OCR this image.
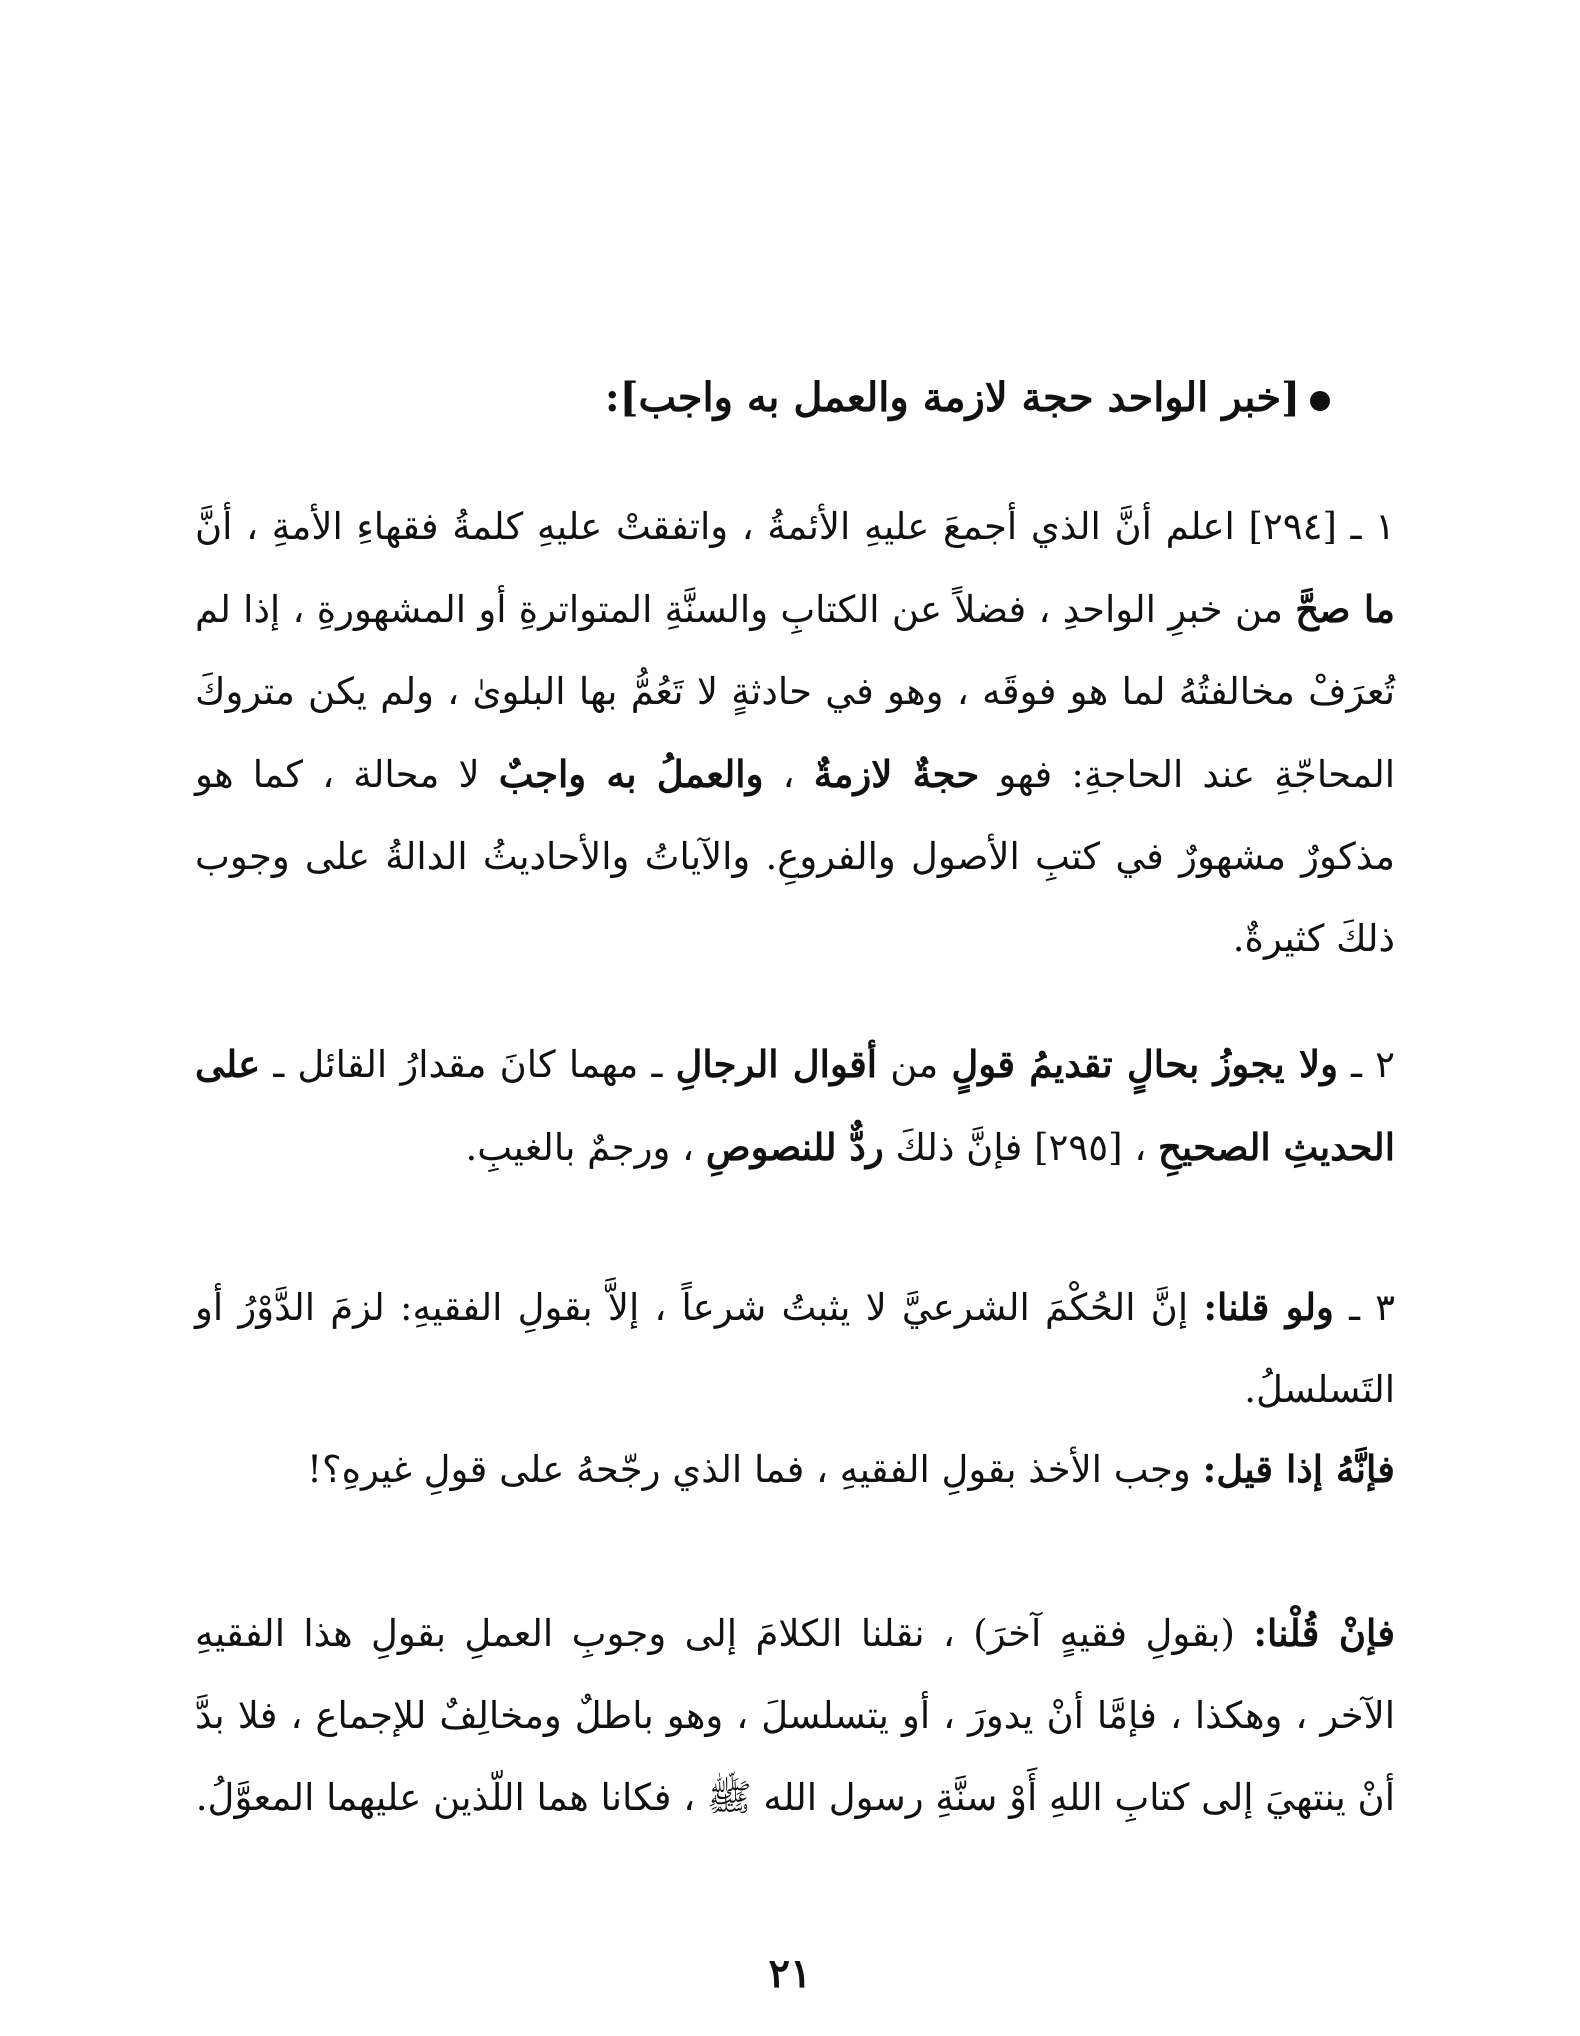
[خبر الواحد حجة لازمة والعمل به واجب]:

١ ـ [٢٩٤] اعلم أنَّ الذي أجمعَ عليهِ الأئمةُ ، واتفقتْ عليهِ كلمةُ فقهاءِ الأمةِ ، أنَّ ما صحَّ من خبرِ الواحدِ ، فضلاً عن الكتابِ والسنَّةِ المتواترةِ أو المشهورةِ ، إذا لم تُعرَفْ مخالفتُهُ لما هو فوقَه ، وهو في حادثةٍ لا تَعُمُّ بها البلوىٰ ، ولم يكن متروكَ المحاجّةِ عند الحاجةِ: فهو حجةٌ لازمةٌ ، والعملُ به واجبٌ لا محالة ، كما هو مذكورٌ مشهورٌ في كتبِ الأصول والفروعِ. والآياتُ والأحاديثُ الدالةُ على وجوب ذلكَ كثيرةٌ.

٢ ـ ولا يجوزُ بحالٍ تقديمُ قولٍ من أقوال الرجالِ ـ مهما كانَ مقدارُ القائل ـ على الحديثِ الصحيحِ ، [٢٩٥] فإنَّ ذلكَ ردٌّ للنصوصِ ، ورجمٌ بالغيبِ.

٣ ـ ولو قلنا: إنَّ الحُكْمَ الشرعيَّ لا يثبتُ شرعاً ، إلاَّ بقولِ الفقيهِ: لزمَ الدَّوْرُ أو التَسلسلُ.

فإنَّهُ إذا قيل: وجب الأخذ بقولِ الفقيهِ ، فما الذي رجّحهُ على قولِ غيرهِ؟!

فإنْ قُلْنا: (بقولِ فقيهٍ آخرَ) ، نقلنا الكلامَ إلى وجوبِ العملِ بقولِ هذا الفقيهِ الآخر ، وهكذا ، فإمَّا أنْ يدورَ ، أو يتسلسلَ ، وهو باطلٌ ومخالِفٌ للإجماع ، فلا بدَّ أنْ ينتهيَ إلى كتابِ اللهِ أَوْ سنَّةِ رسول الله ﷺ ، فكانا هما اللّذين عليهما المعوَّلُ.

٢١
